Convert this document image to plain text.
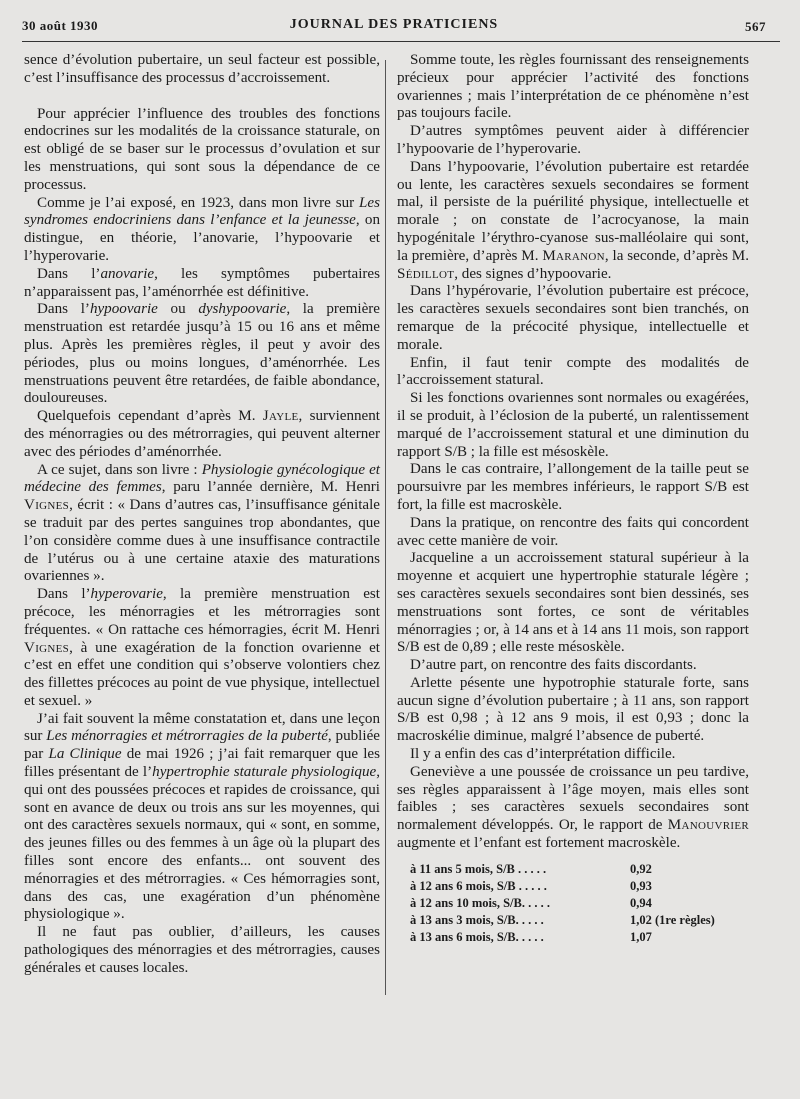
30 août 1930	JOURNAL DES PRATICIENS	567

sence d’évolution pubertaire, un seul facteur est possible, c’est l’insuffisance des processus d’accroissement.

Pour apprécier l’influence des troubles des fonctions endocrines sur les modalités de la croissance staturale, on est obligé de se baser sur le processus d’ovulation et sur les menstruations, qui sont sous la dépendance de ce processus.

Comme je l’ai exposé, en 1923, dans mon livre sur Les syndromes endocriniens dans l’enfance et la jeunesse, on distingue, en théorie, l’anovarie, l’hypoovarie et l’hyperovarie.

Dans l’anovarie, les symptômes pubertaires n’apparaissent pas, l’aménorrhée est définitive.

Dans l’hypoovarie ou dyshypoovarie, la première menstruation est retardée jusqu’à 15 ou 16 ans et même plus. Après les premières règles, il peut y avoir des périodes, plus ou moins longues, d’aménorrhée. Les menstruations peuvent être retardées, de faible abondance, douloureuses.

Quelquefois cependant d’après M. Jayle, surviennent des ménorragies ou des métrorragies, qui peuvent alterner avec des périodes d’aménorrhée.

A ce sujet, dans son livre : Physiologie gynécologique et médecine des femmes, paru l’année dernière, M. Henri Vignes, écrit : « Dans d’autres cas, l’insuffisance génitale se traduit par des pertes sanguines trop abondantes, que l’on considère comme dues à une insuffisance contractile de l’utérus ou à une certaine ataxie des maturations ovariennes ».

Dans l’hyperovarie, la première menstruation est précoce, les ménorragies et les métrorragies sont fréquentes. « On rattache ces hémorragies, écrit M. Henri Vignes, à une exagération de la fonction ovarienne et c’est en effet une condition qui s’observe volontiers chez des fillettes précoces au point de vue physique, intellectuel et sexuel. »

J’ai fait souvent la même constatation et, dans une leçon sur Les ménorragies et métrorragies de la puberté, publiée par La Clinique de mai 1926 ; j’ai fait remarquer que les filles présentant de l’hypertrophie staturale physiologique, qui ont des poussées précoces et rapides de croissance, qui sont en avance de deux ou trois ans sur les moyennes, qui ont des caractères sexuels normaux, qui « sont, en somme, des jeunes filles ou des femmes à un âge où la plupart des filles sont encore des enfants... ont souvent des ménorragies et des métrorragies. « Ces hémorragies sont, dans des cas, une exagération d’un phénomène physiologique ».

Il ne faut pas oublier, d’ailleurs, les causes pathologiques des ménorragies et des métrorragies, causes générales et causes locales.

Somme toute, les règles fournissant des renseignements précieux pour apprécier l’activité des fonctions ovariennes ; mais l’interprétation de ce phénomène n’est pas toujours facile.

D’autres symptômes peuvent aider à différencier l’hypoovarie de l’hyperovarie.

Dans l’hypoovarie, l’évolution pubertaire est retardée ou lente, les caractères sexuels secondaires se forment mal, il persiste de la puérilité physique, intellectuelle et morale ; on constate de l’acrocyanose, la main hypogénitale l’érythro-cyanose sus-malléolaire qui sont, la première, d’après M. Maranon, la seconde, d’après M. Sédillot, des signes d’hypoovarie.

Dans l’hypérovarie, l’évolution pubertaire est précoce, les caractères sexuels secondaires sont bien tranchés, on remarque de la précocité physique, intellectuelle et morale.

Enfin, il faut tenir compte des modalités de l’accroissement statural.

Si les fonctions ovariennes sont normales ou exagérées, il se produit, à l’éclosion de la puberté, un ralentissement marqué de l’accroissement statural et une diminution du rapport S/B ; la fille est mésoskèle.

Dans le cas contraire, l’allongement de la taille peut se poursuivre par les membres inférieurs, le rapport S/B est fort, la fille est macroskèle.

Dans la pratique, on rencontre des faits qui concordent avec cette manière de voir.

Jacqueline a un accroissement statural supérieur à la moyenne et acquiert une hypertrophie staturale légère ; ses caractères sexuels secondaires sont bien dessinés, ses menstruations sont fortes, ce sont de véritables ménorragies ; or, à 14 ans et à 14 ans 11 mois, son rapport S/B est de 0,89 ; elle reste mésoskèle.

D’autre part, on rencontre des faits discordants.

Arlette pésente une hypotrophie staturale forte, sans aucun signe d’évolution pubertaire ; à 11 ans, son rapport S/B est 0,98 ; à 12 ans 9 mois, il est 0,93 ; donc la macroskélie diminue, malgré l’absence de puberté.

Il y a enfin des cas d’interprétation difficile.

Geneviève a une poussée de croissance un peu tardive, ses règles apparaissent à l’âge moyen, mais elles sont faibles ; ses caractères sexuels secondaires sont normalement développés. Or, le rapport de Manouvrier augmente et l’enfant est fortement macroskèle.

à 11 ans 5 mois, S/B . . . . .	0,92
à 12 ans 6 mois, S/B . . . . .	0,93
à 12 ans 10 mois, S/B. . . . .	0,94
à 13 ans 3 mois, S/B. . . . .	1,02 (1re règles)
à 13 ans 6 mois, S/B. . . . .	1,07
